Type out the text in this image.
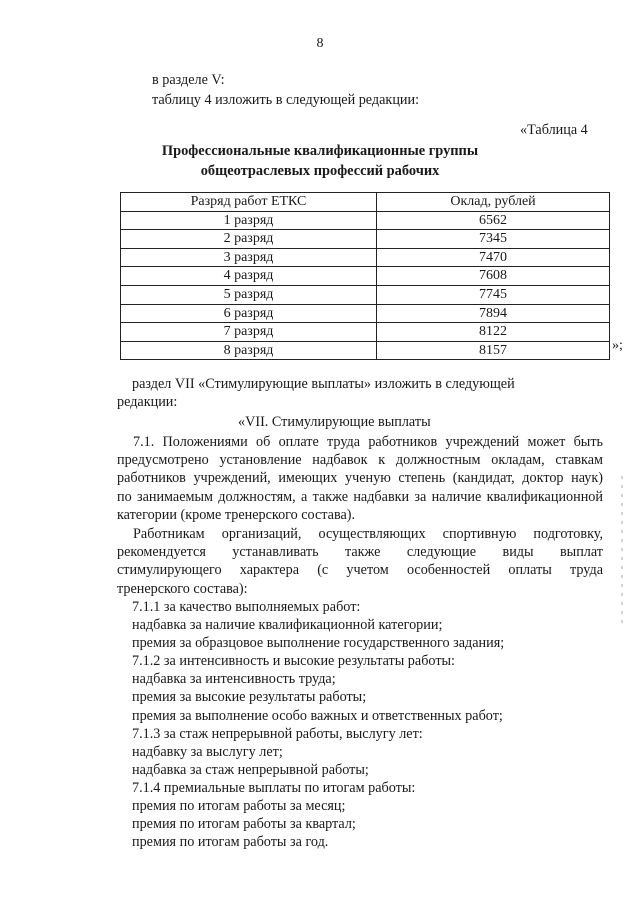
8

в разделе V:

таблицу 4 изложить в следующей редакции:

«Таблица 4

Профессиональные квалификационные группы

общеотраслевых профессий рабочих

Разряд работ ЕТКС	Оклад, рублей
1 разряд	6562
2 разряд	7345
3 разряд	7470
4 разряд	7608
5 разряд	7745
6 разряд	7894
7 разряд	8122
8 разряд	8157	»;

раздел VII «Стимулирующие выплаты» изложить в следующей

редакции:

«VII. Стимулирующие выплаты

7.1. Положениями об оплате труда работников учреждений может быть

предусмотрено установление надбавок к должностным окладам, ставкам

работников учреждений, имеющих ученую степень (кандидат, доктор наук)

по занимаемым должностям, а также надбавки за наличие квалификационной

категории (кроме тренерского состава).

Работникам организаций, осуществляющих спортивную подготовку,

рекомендуется устанавливать также следующие виды выплат

стимулирующего характера (с учетом особенностей оплаты труда

тренерского состава):

7.1.1 за качество выполняемых работ:
надбавка за наличие квалификационной категории;
премия за образцовое выполнение государственного задания;
7.1.2 за интенсивность и высокие результаты работы:
надбавка за интенсивность труда;
премия за высокие результаты работы;
премия за выполнение особо важных и ответственных работ;
7.1.3 за стаж непрерывной работы, выслугу лет:
надбавку за выслугу лет;
надбавка за стаж непрерывной работы;
7.1.4 премиальные выплаты по итогам работы:
премия по итогам работы за месяц;
премия по итогам работы за квартал;
премия по итогам работы за год.
